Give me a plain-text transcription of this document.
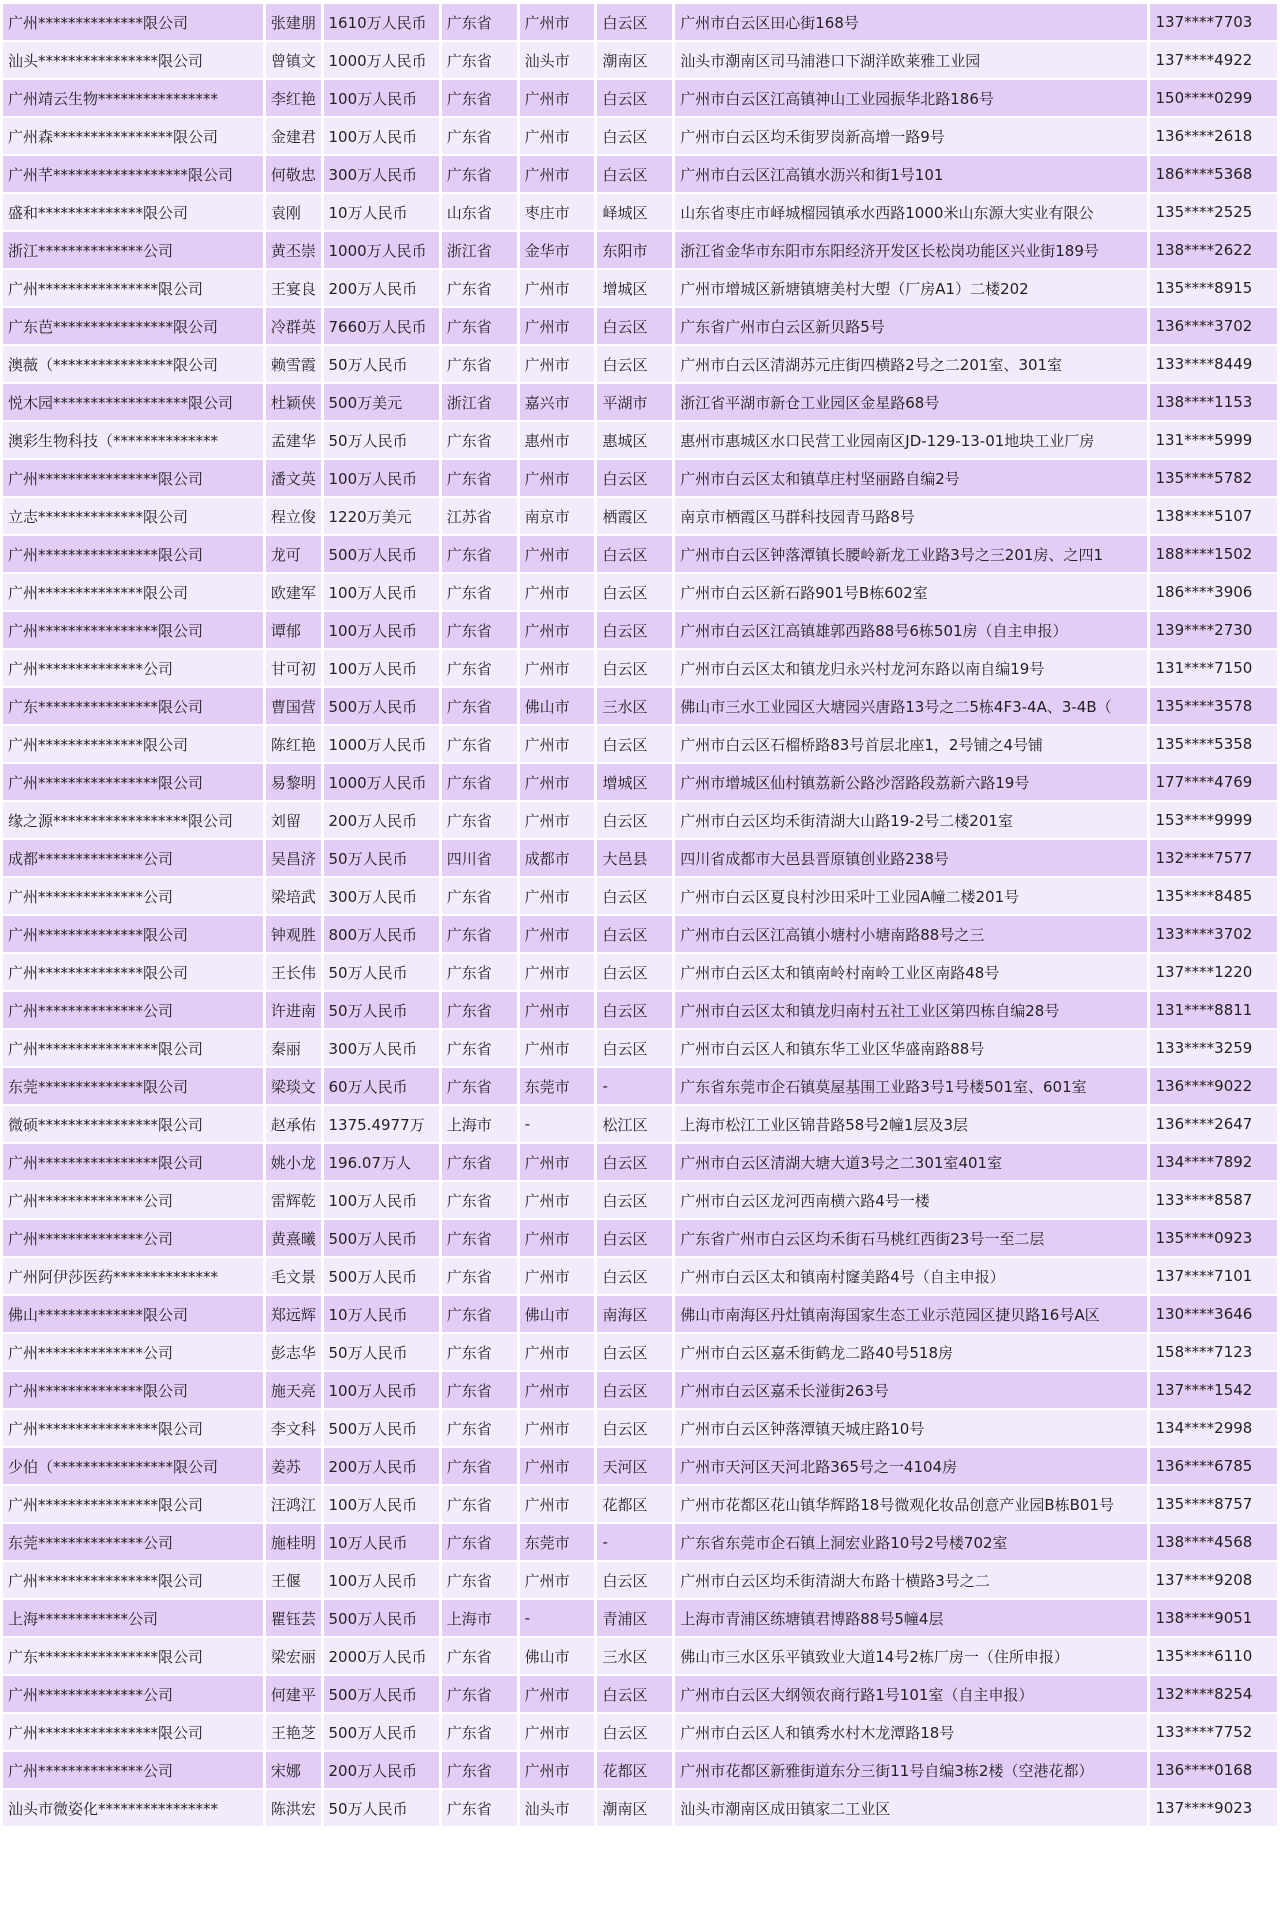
广州**************限公司	张建朋	1610万人民币	广东省	广州市	白云区	广州市白云区田心街168号	137****7703
汕头****************限公司	曾镇文	1000万人民币	广东省	汕头市	潮南区	汕头市潮南区司马浦港口下湖洋欧莱雅工业园	137****4922
广州靖云生物****************	李红艳	100万人民币	广东省	广州市	白云区	广州市白云区江高镇神山工业园振华北路186号	150****0299
广州森****************限公司	金建君	100万人民币	广东省	广州市	白云区	广州市白云区均禾街罗岗新高增一路9号	136****2618
广州芊******************限公司	何敬忠	300万人民币	广东省	广州市	白云区	广州市白云区江高镇水沥兴和街1号101	186****5368
盛和**************限公司	袁刚	10万人民币	山东省	枣庄市	峄城区	山东省枣庄市峄城榴园镇承水西路1000米山东源大实业有限公	135****2525
浙江**************公司	黄丕崇	1000万人民币	浙江省	金华市	东阳市	浙江省金华市东阳市东阳经济开发区长松岗功能区兴业街189号	138****2622
广州****************限公司	王宴良	200万人民币	广东省	广州市	增城区	广州市增城区新塘镇塘美村大塱（厂房A1）二楼202	135****8915
广东芭****************限公司	冷群英	7660万人民币	广东省	广州市	白云区	广东省广州市白云区新贝路5号	136****3702
澳薇（****************限公司	赖雪霞	50万人民币	广东省	广州市	白云区	广州市白云区清湖苏元庄街四横路2号之二201室、301室	133****8449
悦木园******************限公司	杜颖侠	500万美元	浙江省	嘉兴市	平湖市	浙江省平湖市新仓工业园区金星路68号	138****1153
澳彩生物科技（**************	孟建华	50万人民币	广东省	惠州市	惠城区	惠州市惠城区水口民营工业园南区JD-129-13-01地块工业厂房	131****5999
广州****************限公司	潘文英	100万人民币	广东省	广州市	白云区	广州市白云区太和镇草庄村坚丽路自编2号	135****5782
立志**************限公司	程立俊	1220万美元	江苏省	南京市	栖霞区	南京市栖霞区马群科技园青马路8号	138****5107
广州****************限公司	龙可	500万人民币	广东省	广州市	白云区	广州市白云区钟落潭镇长腰岭新龙工业路3号之三201房、之四1	188****1502
广州**************限公司	欧建军	100万人民币	广东省	广州市	白云区	广州市白云区新石路901号B栋602室	186****3906
广州****************限公司	谭郁	100万人民币	广东省	广州市	白云区	广州市白云区江高镇雄郭西路88号6栋501房（自主申报）	139****2730
广州**************公司	甘可初	100万人民币	广东省	广州市	白云区	广州市白云区太和镇龙归永兴村龙河东路以南自编19号	131****7150
广东****************限公司	曹国营	500万人民币	广东省	佛山市	三水区	佛山市三水工业园区大塘园兴唐路13号之二5栋4F3-4A、3-4B（	135****3578
广州**************限公司	陈红艳	1000万人民币	广东省	广州市	白云区	广州市白云区石榴桥路83号首层北座1，2号铺之4号铺	135****5358
广州****************限公司	易黎明	1000万人民币	广东省	广州市	增城区	广州市增城区仙村镇荔新公路沙滘路段荔新六路19号	177****4769
缘之源******************限公司	刘留	200万人民币	广东省	广州市	白云区	广州市白云区均禾街清湖大山路19-2号二楼201室	153****9999
成都**************公司	吴昌济	50万人民币	四川省	成都市	大邑县	四川省成都市大邑县晋原镇创业路238号	132****7577
广州**************公司	梁培武	300万人民币	广东省	广州市	白云区	广州市白云区夏良村沙田采叶工业园A幢二楼201号	135****8485
广州**************限公司	钟观胜	800万人民币	广东省	广州市	白云区	广州市白云区江高镇小塘村小塘南路88号之三	133****3702
广州**************限公司	王长伟	50万人民币	广东省	广州市	白云区	广州市白云区太和镇南岭村南岭工业区南路48号	137****1220
广州**************公司	许进南	50万人民币	广东省	广州市	白云区	广州市白云区太和镇龙归南村五社工业区第四栋自编28号	131****8811
广州****************限公司	秦丽	300万人民币	广东省	广州市	白云区	广州市白云区人和镇东华工业区华盛南路88号	133****3259
东莞**************限公司	梁琰文	60万人民币	广东省	东莞市	-	广东省东莞市企石镇莫屋基围工业路3号1号楼501室、601室	136****9022
微硕****************限公司	赵承佑	1375.4977万	上海市	-	松江区	上海市松江工业区锦昔路58号2幢1层及3层	136****2647
广州****************限公司	姚小龙	196.07万人	广东省	广州市	白云区	广州市白云区清湖大塘大道3号之二301室401室	134****7892
广州**************公司	雷辉乾	100万人民币	广东省	广州市	白云区	广州市白云区龙河西南横六路4号一楼	133****8587
广州**************公司	黄熹曦	500万人民币	广东省	广州市	白云区	广东省广州市白云区均禾街石马桃红西街23号一至二层	135****0923
广州阿伊莎医药**************	毛文景	500万人民币	广东省	广州市	白云区	广州市白云区太和镇南村窿美路4号（自主申报）	137****7101
佛山**************限公司	郑远辉	10万人民币	广东省	佛山市	南海区	佛山市南海区丹灶镇南海国家生态工业示范园区捷贝路16号A区	130****3646
广州**************公司	彭志华	50万人民币	广东省	广州市	白云区	广州市白云区嘉禾街鹤龙二路40号518房	158****7123
广州**************限公司	施天亮	100万人民币	广东省	广州市	白云区	广州市白云区嘉禾长湴街263号	137****1542
广州****************限公司	李文科	500万人民币	广东省	广州市	白云区	广州市白云区钟落潭镇天城庄路10号	134****2998
少伯（****************限公司	姜苏	200万人民币	广东省	广州市	天河区	广州市天河区天河北路365号之一4104房	136****6785
广州****************限公司	汪鸿江	100万人民币	广东省	广州市	花都区	广州市花都区花山镇华辉路18号微观化妆品创意产业园B栋B01号	135****8757
东莞**************公司	施桂明	10万人民币	广东省	东莞市	-	广东省东莞市企石镇上洞宏业路10号2号楼702室	138****4568
广州****************限公司	王偃	100万人民币	广东省	广州市	白云区	广州市白云区均禾街清湖大布路十横路3号之二	137****9208
上海************公司	瞿钰芸	500万人民币	上海市	-	青浦区	上海市青浦区练塘镇君博路88号5幢4层	138****9051
广东****************限公司	梁宏丽	2000万人民币	广东省	佛山市	三水区	佛山市三水区乐平镇致业大道14号2栋厂房一（住所申报）	135****6110
广州**************公司	何建平	500万人民币	广东省	广州市	白云区	广州市白云区大纲领农商行路1号101室（自主申报）	132****8254
广州****************限公司	王艳芝	500万人民币	广东省	广州市	白云区	广州市白云区人和镇秀水村木龙潭路18号	133****7752
广州**************公司	宋娜	200万人民币	广东省	广州市	花都区	广州市花都区新雅街道东分三街11号自编3栋2楼（空港花都）	136****0168
汕头市微姿化****************	陈洪宏	50万人民币	广东省	汕头市	潮南区	汕头市潮南区成田镇家二工业区	137****9023
